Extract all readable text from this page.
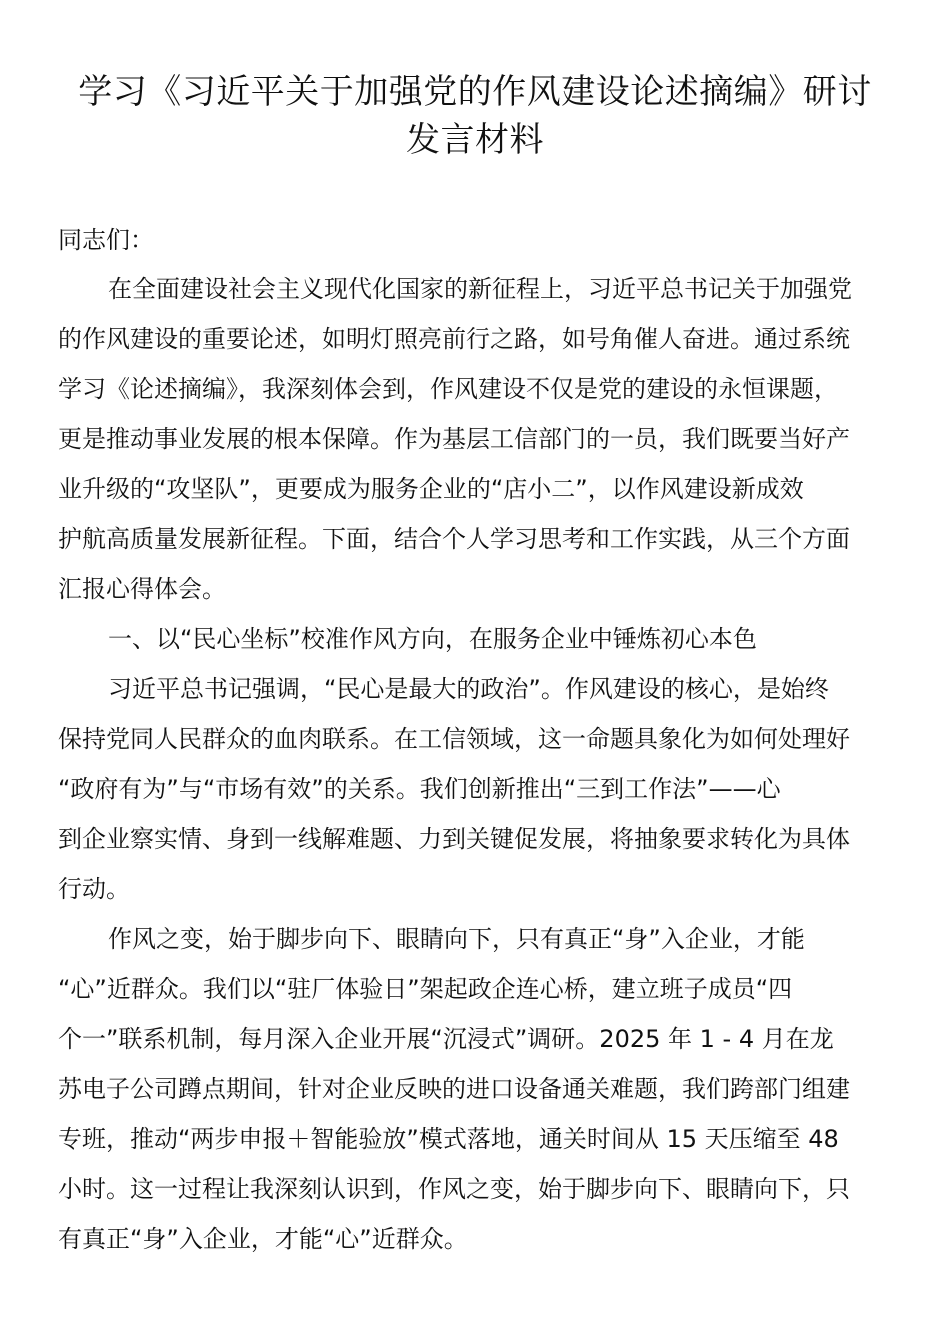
学习《习近平关于加强党的作风建设论述摘编》研讨
发言材料
同志们：
在全面建设社会主义现代化国家的新征程上，习近平总书记关于加强党
的作风建设的重要论述，如明灯照亮前行之路，如号角催人奋进。通过系统
学习《论述摘编》，我深刻体会到，作风建设不仅是党的建设的永恒课题，
更是推动事业发展的根本保障。作为基层工信部门的一员，我们既要当好产
业升级的“攻坚队”，更要成为服务企业的“店小二”，以作风建设新成效
护航高质量发展新征程。下面，结合个人学习思考和工作实践，从三个方面
汇报心得体会。
一、以“民心坐标”校准作风方向，在服务企业中锤炼初心本色
习近平总书记强调，“民心是最大的政治”。作风建设的核心，是始终
保持党同人民群众的血肉联系。在工信领域，这一命题具象化为如何处理好
“政府有为”与“市场有效”的关系。我们创新推出“三到工作法”——心
到企业察实情、身到一线解难题、力到关键促发展，将抽象要求转化为具体
行动。
作风之变，始于脚步向下、眼睛向下，只有真正“身”入企业，才能
“心”近群众。我们以“驻厂体验日”架起政企连心桥，建立班子成员“四
个一”联系机制，每月深入企业开展“沉浸式”调研。2025 年 1 - 4 月在龙
苏电子公司蹲点期间，针对企业反映的进口设备通关难题，我们跨部门组建
专班，推动“两步申报＋智能验放”模式落地，通关时间从 15 天压缩至 48
小时。这一过程让我深刻认识到，作风之变，始于脚步向下、眼睛向下，只
有真正“身”入企业，才能“心”近群众。
